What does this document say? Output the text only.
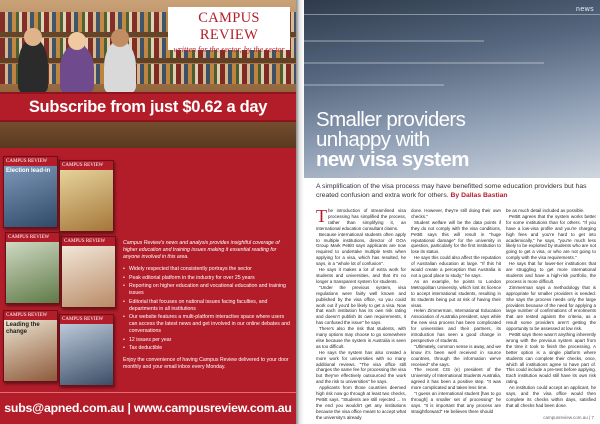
CAMPUS REVIEW
written for the sector, by the sector
Subscribe from just $0.62 a day
CAMPUS REVIEW
Election lead-in
CAMPUS REVIEW
CAMPUS REVIEW
CAMPUS REVIEW
CAMPUS REVIEW
Leading the change
CAMPUS REVIEW

Campus Review's news and analysis provides insightful coverage of higher education and training issues making it essential reading for anyone involved in this area.

• Widely respected that consistently portrays the sector
• Peak editorial platform in the industry for over 25 years
• Reporting on higher education and vocational education and training issues
• Editorial that focuses on national issues facing faculties, and departments in all institutions
• Our website features a multi-platform interactive space where users can access the latest news and get involved in our online debates and conversations
• 12 issues per year
• Tax deductible

Enjoy the convenience of having Campus Review delivered to your door monthly and your email inbox every Monday.

subs@apned.com.au | www.campusreview.com.au
news
Smaller providers
unhappy with
new visa system
A simplification of the visa process may have benefitted some education providers but has created confusion and extra work for others. By Dallas Bastian

The introduction of streamlined visa processing has simplified the process, rather than simplifying it, an international education consultant claims.

Because international students often apply to multiple institutions, director of GOA Group Mark Pettitt says applicants are now required to undertake multiple tests when applying for a visa, which has resulted, he says, in a "whole lot of confusion".

He says it makes a lot of extra work for students and universities, and that it's no longer a transparent system for students.

"Under the previous system, visa regulations were fairly well known and published by the visa office, so you could work out if you'd be likely to get a visa. Now that each institution has its own risk rating and doesn't publish its own requirements, it has confused the issue" he says.

There's also the risk that students, with many options may choose to go somewhere else because the system in Australia is seen as too difficult.

He says the system has also created a more work for universities with so many additional reviews. "The visa office still charges the same fee for processing the visa but they've effectively outsourced the work and the risk to universities" he says.

Applicants from those countries deemed high risk now go through at least two checks, Pettitt says. "Students are still rejected ... In the end you wouldn't get any institutions because the visa office meant to accept what the university's already

done. However, they're still doing their own checks."

Student welfare will be the data points if they do not comply with the visa conditions, Pettitt says this will result in "huge reputational damage" for the university in question, particularly for the first institution to lose its status.

He says this could also affect the reputation of Australian education at large. "If this hit would create a perception that Australia is not a good place to study," he says.

As an example, he points to London Metropolitan University, which lost its licence to accept international students, resulting in its students being put at risk of having their visas.

Helen Zimmerman, International Education Association of Australia president, says while the new visa process has been complicated for universities and their partners, its introduction has seen a good change in perspective of students.

"Ultimately, common sense is away, and we know it's been well received in source countries, through the information we've received" she says.

The recent CIS (e) president of the University of International Students Australia, agreed it has been a positive step. "It was more complicated and takes less time.

"I guess an international student [has to go through] a smaller set of processing" he says. "It is important that any process are straightforward" He believes there should

be as much detail included as possible.

Pettitt agrees that the system works better for some institutions than for others. "If you have a low-visa profile and you're charging high fees and you're hard to get into academically," he says, "you're much less likely to be exploited by students who are not going to get a visa, or who are not going to comply with the visa requirements."

He says that for lower-tier institutions that are struggling to get more international students and have a high-risk portfolio, the process is more difficult.

Zimmerman says a methodology that is appropriate for smaller providers is needed. She says the process needs only the large providers because of the need for applying a large number of confirmations of enrolments that are tested against the criteria, as a result some providers aren't getting the opportunity to be assessed at low risk.

Pettitt says there wasn't anything inherently wrong with the previous system apart from the time it took to finish the processing. A better option is a single platform where students can complete their checks, once, which all institutions agree to have part of. This could include a pre-test before applying. Each institution would still have its own risk rating.

An institution could accept an applicant, he says, and the visa office would then complete its checks within days, satisfied that all checks had been done.

campusreview.com.au | 7
